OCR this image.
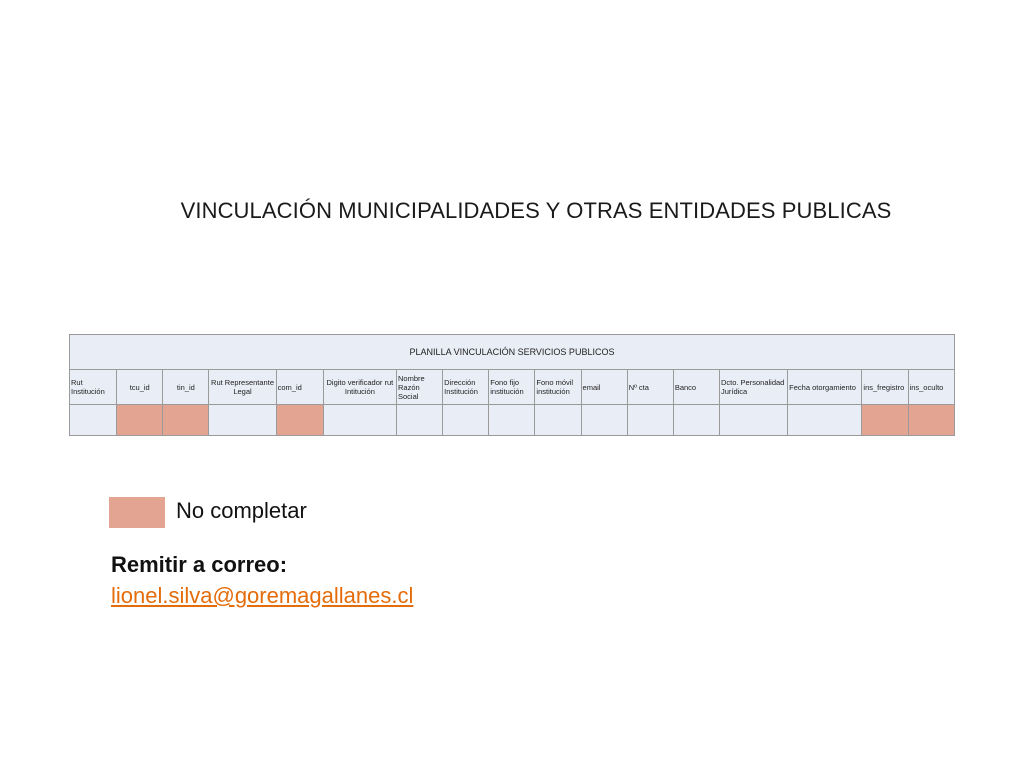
VINCULACIÓN MUNICIPALIDADES Y OTRAS ENTIDADES PUBLICAS
PLANILLA VINCULACIÓN SERVICIOS PUBLICOS																
Rut Institución	tcu_id	tin_id	Rut Representante Legal	com_id	Digito verificador rut Intitución	Nombre Razón Social	Dirección Institución	Fono fijo institución	Fono móvil institución	email	Nº cta	Banco	Dcto. Personalidad Jurídica	Fecha otorgamiento	ins_fregistro	ins_oculto

No completar
Remitir a correo:
lionel.silva@goremagallanes.cl
